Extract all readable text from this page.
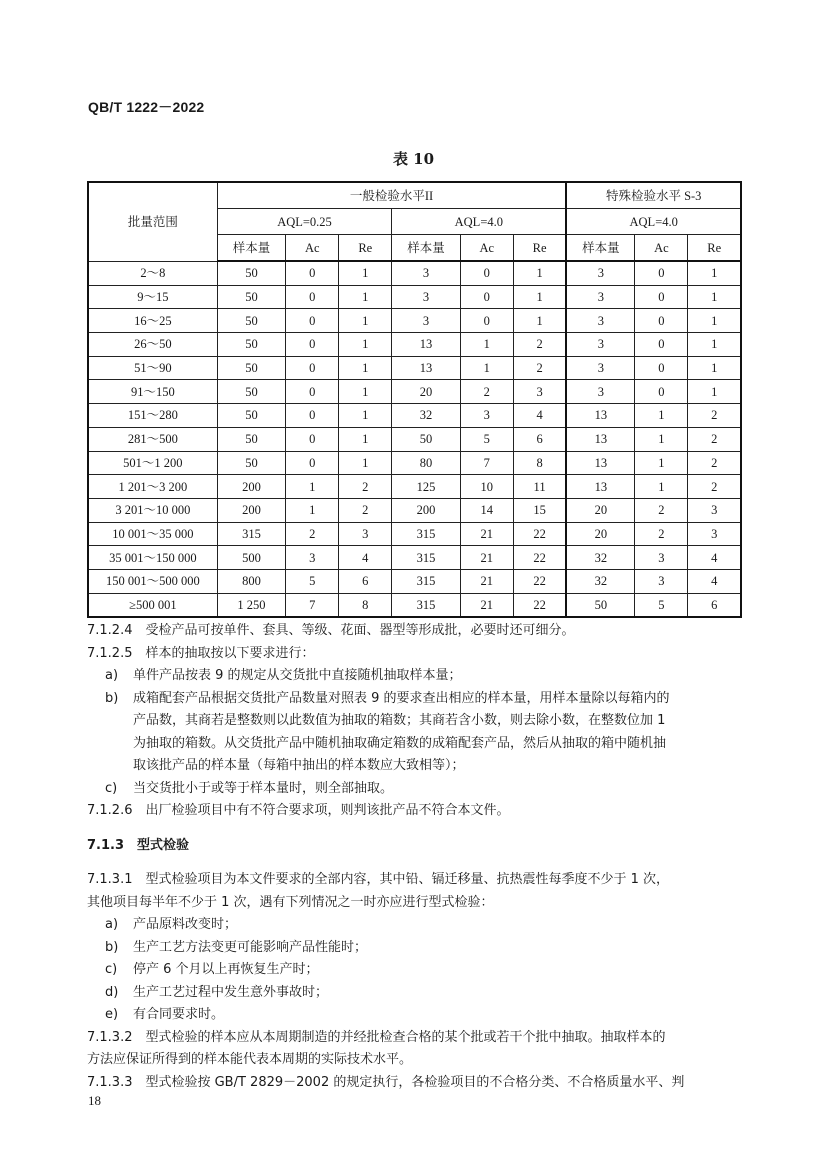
QB/T 1222－2022
表 10
批量范围	一般检验水平II						特殊检验水平 S-3		
	AQL=0.25			AQL=4.0			AQL=4.0		
	样本量	Ac	Re	样本量	Ac	Re	样本量	Ac	Re
2～8	50	0	1	3	0	1	3	0	1
9～15	50	0	1	3	0	1	3	0	1
16～25	50	0	1	3	0	1	3	0	1
26～50	50	0	1	13	1	2	3	0	1
51～90	50	0	1	13	1	2	3	0	1
91～150	50	0	1	20	2	3	3	0	1
151～280	50	0	1	32	3	4	13	1	2
281～500	50	0	1	50	5	6	13	1	2
501～1 200	50	0	1	80	7	8	13	1	2
1 201～3 200	200	1	2	125	10	11	13	1	2
3 201～10 000	200	1	2	200	14	15	20	2	3
10 001～35 000	315	2	3	315	21	22	20	2	3
35 001～150 000	500	3	4	315	21	22	32	3	4
150 001～500 000	800	5	6	315	21	22	32	3	4
≥500 001	1 250	7	8	315	21	22	50	5	6

7.1.2.4　受检产品可按单件、套具、等级、花面、器型等形成批，必要时还可细分。

7.1.2.5　样本的抽取按以下要求进行：

a) 单件产品按表 9 的规定从交货批中直接随机抽取样本量；
b) 成箱配套产品根据交货批产品数量对照表 9 的要求查出相应的样本量，用样本量除以每箱内的
产品数，其商若是整数则以此数值为抽取的箱数；其商若含小数，则去除小数，在整数位加 1
为抽取的箱数。从交货批产品中随机抽取确定箱数的成箱配套产品，然后从抽取的箱中随机抽
取该批产品的样本量（每箱中抽出的样本数应大致相等）；
c) 当交货批小于或等于样本量时，则全部抽取。

7.1.2.6　出厂检验项目中有不符合要求项，则判该批产品不符合本文件。

7.1.3　型式检验

7.1.3.1　型式检验项目为本文件要求的全部内容，其中铅、镉迁移量、抗热震性每季度不少于 1 次，

其他项目每半年不少于 1 次，遇有下列情况之一时亦应进行型式检验：

a) 产品原料改变时；
b) 生产工艺方法变更可能影响产品性能时；
c) 停产 6 个月以上再恢复生产时；
d) 生产工艺过程中发生意外事故时；
e) 有合同要求时。

7.1.3.2　型式检验的样本应从本周期制造的并经批检查合格的某个批或若干个批中抽取。抽取样本的

方法应保证所得到的样本能代表本周期的实际技术水平。

7.1.3.3　型式检验按 GB/T 2829－2002 的规定执行，各检验项目的不合格分类、不合格质量水平、判

18
